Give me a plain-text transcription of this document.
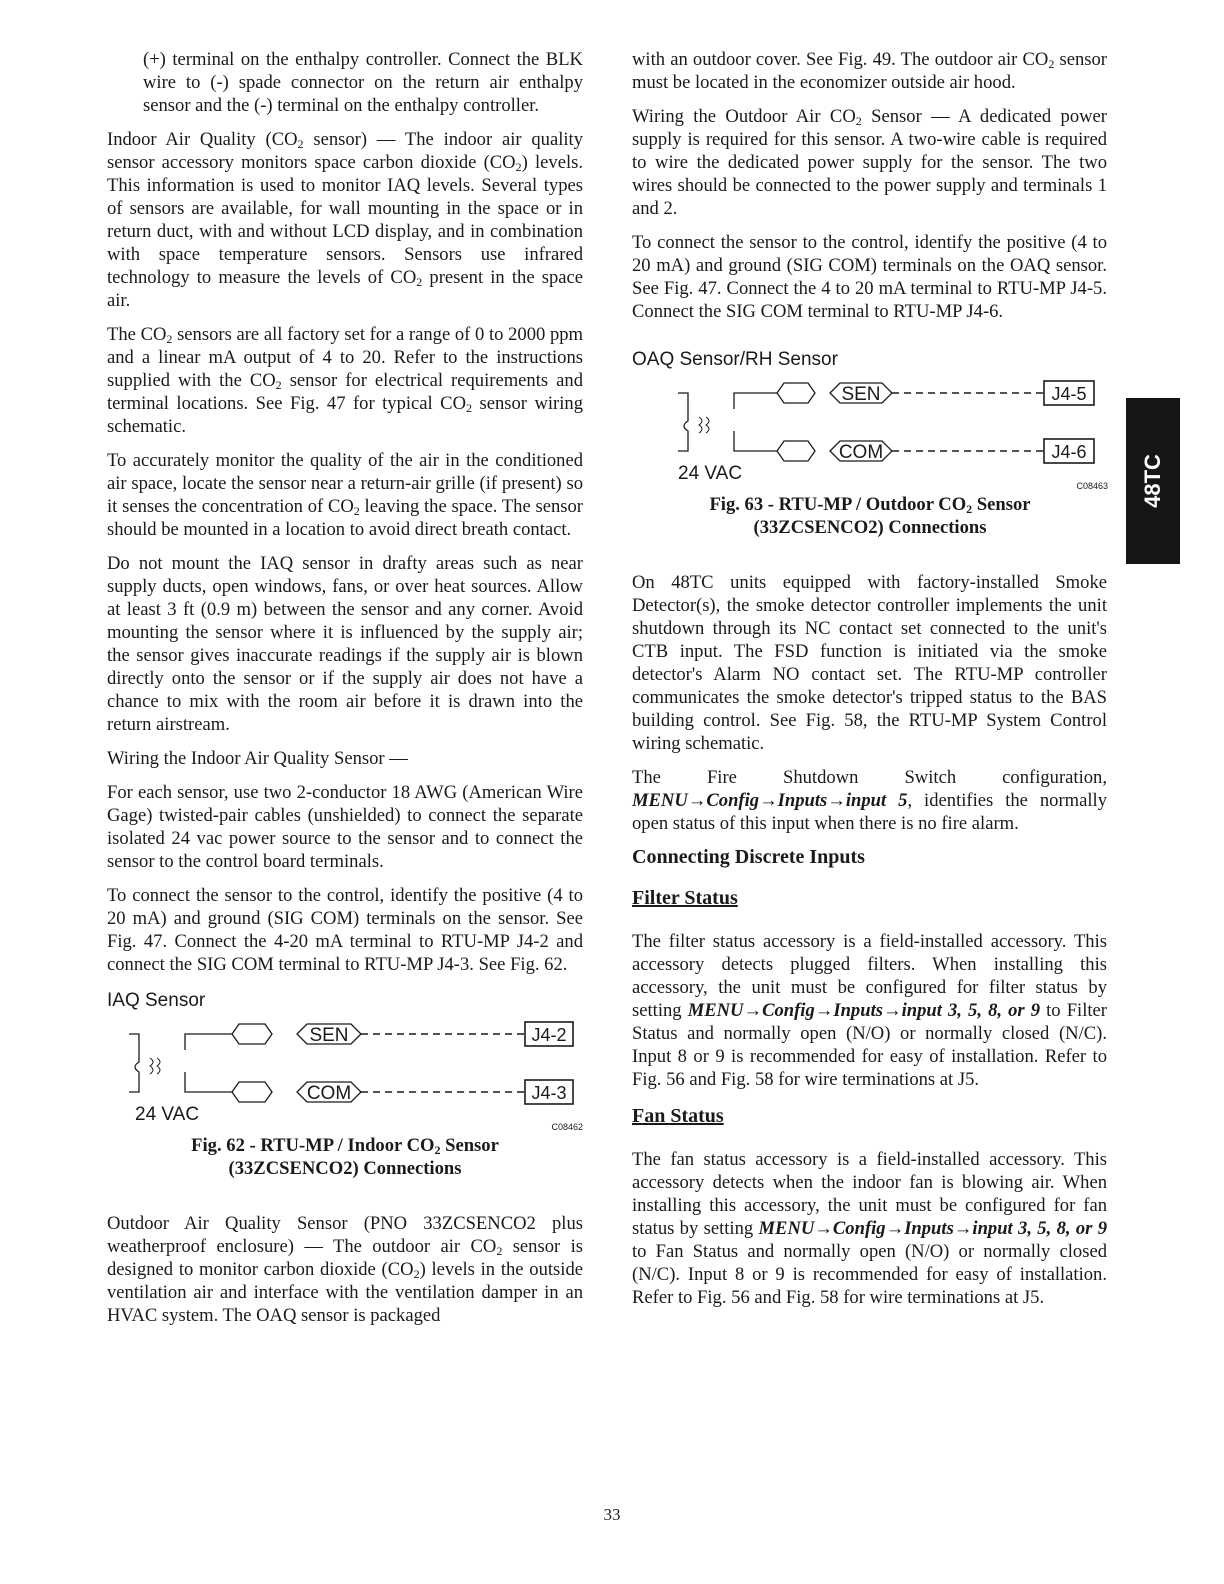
(+) terminal on the enthalpy controller. Connect the BLK wire to (-) spade connector on the return air enthalpy sensor and the (-) terminal on the enthalpy controller.

Indoor Air Quality ($CO_2$ sensor) — The indoor air quality sensor accessory monitors space carbon dioxide $(CO_2)$ levels. This information is used to monitor IAQ levels. Several types of sensors are available, for wall mounting in the space or in return duct, with and without LCD display, and in combination with space temperature sensors. Sensors use infrared technology to measure the levels of $CO_2$ present in the space air.

The $CO_2$ sensors are all factory set for a range of 0 to 2000 ppm and a linear mA output of 4 to 20. Refer to the instructions supplied with the $CO_2$ sensor for electrical requirements and terminal locations. See Fig. 47 for typical $CO_2$ sensor wiring schematic.

To accurately monitor the quality of the air in the conditioned air space, locate the sensor near a return-air grille (if present) so it senses the concentration of $CO_2$ leaving the space. The sensor should be mounted in a location to avoid direct breath contact.

Do not mount the IAQ sensor in drafty areas such as near supply ducts, open windows, fans, or over heat sources. Allow at least 3 ft (0.9 m) between the sensor and any corner. Avoid mounting the sensor where it is influenced by the supply air; the sensor gives inaccurate readings if the supply air is blown directly onto the sensor or if the supply air does not have a chance to mix with the room air before it is drawn into the return airstream.

Wiring the Indoor Air Quality Sensor —

For each sensor, use two 2-conductor 18 AWG (American Wire Gage) twisted-pair cables (unshielded) to connect the separate isolated 24 vac power source to the sensor and to connect the sensor to the control board terminals.

To connect the sensor to the control, identify the positive (4 to 20 mA) and ground (SIG COM) terminals on the sensor. See Fig. 47. Connect the 4-20 mA terminal to RTU-MP J4-2 and connect the SIG COM terminal to RTU-MP J4-3. See Fig. 62.

IAQ Sensor
SEN	J4-2
COM	J4-3
24 VAC
C08462
Fig. 62 - RTU-MP / Indoor $CO_2$ Sensor
(33ZCSENCO2) Connections

Outdoor Air Quality Sensor (PNO 33ZCSENCO2 plus weatherproof enclosure) — The outdoor air $CO_2$ sensor is designed to monitor carbon dioxide $(CO_2)$ levels in the outside ventilation air and interface with the ventilation damper in an HVAC system. The OAQ sensor is packaged

with an outdoor cover. See Fig. 49. The outdoor air $CO_2$ sensor must be located in the economizer outside air hood.

Wiring the Outdoor Air $CO_2$ Sensor — A dedicated power supply is required for this sensor. A two-wire cable is required to wire the dedicated power supply for the sensor. The two wires should be connected to the power supply and terminals 1 and 2.

To connect the sensor to the control, identify the positive (4 to 20 mA) and ground (SIG COM) terminals on the OAQ sensor. See Fig. 47. Connect the 4 to 20 mA terminal to RTU-MP J4-5. Connect the SIG COM terminal to RTU-MP J4-6.

OAQ Sensor/RH Sensor
SEN	J4-5
COM	J4-6
24 VAC
C08463
Fig. 63 - RTU-MP / Outdoor $CO_2$ Sensor
(33ZCSENCO2) Connections

On 48TC units equipped with factory-installed Smoke Detector(s), the smoke detector controller implements the unit shutdown through its NC contact set connected to the unit's CTB input. The FSD function is initiated via the smoke detector's Alarm NO contact set. The RTU-MP controller communicates the smoke detector's tripped status to the BAS building control. See Fig. 58, the RTU-MP System Control wiring schematic.

The Fire Shutdown Switch configuration, MENU→Config→Inputs→input 5, identifies the normally open status of this input when there is no fire alarm.

Connecting Discrete Inputs
Filter Status

The filter status accessory is a field-installed accessory. This accessory detects plugged filters. When installing this accessory, the unit must be configured for filter status by setting MENU→Config→Inputs→input 3, 5, 8, or 9 to Filter Status and normally open (N/O) or normally closed (N/C). Input 8 or 9 is recommended for easy of installation. Refer to Fig. 56 and Fig. 58 for wire terminations at J5.

Fan Status

The fan status accessory is a field-installed accessory. This accessory detects when the indoor fan is blowing air. When installing this accessory, the unit must be configured for fan status by setting MENU→Config→Inputs→input 3, 5, 8, or 9 to Fan Status and normally open (N/O) or normally closed (N/C). Input 8 or 9 is recommended for easy of installation. Refer to Fig. 56 and Fig. 58 for wire terminations at J5.

48TC
33
